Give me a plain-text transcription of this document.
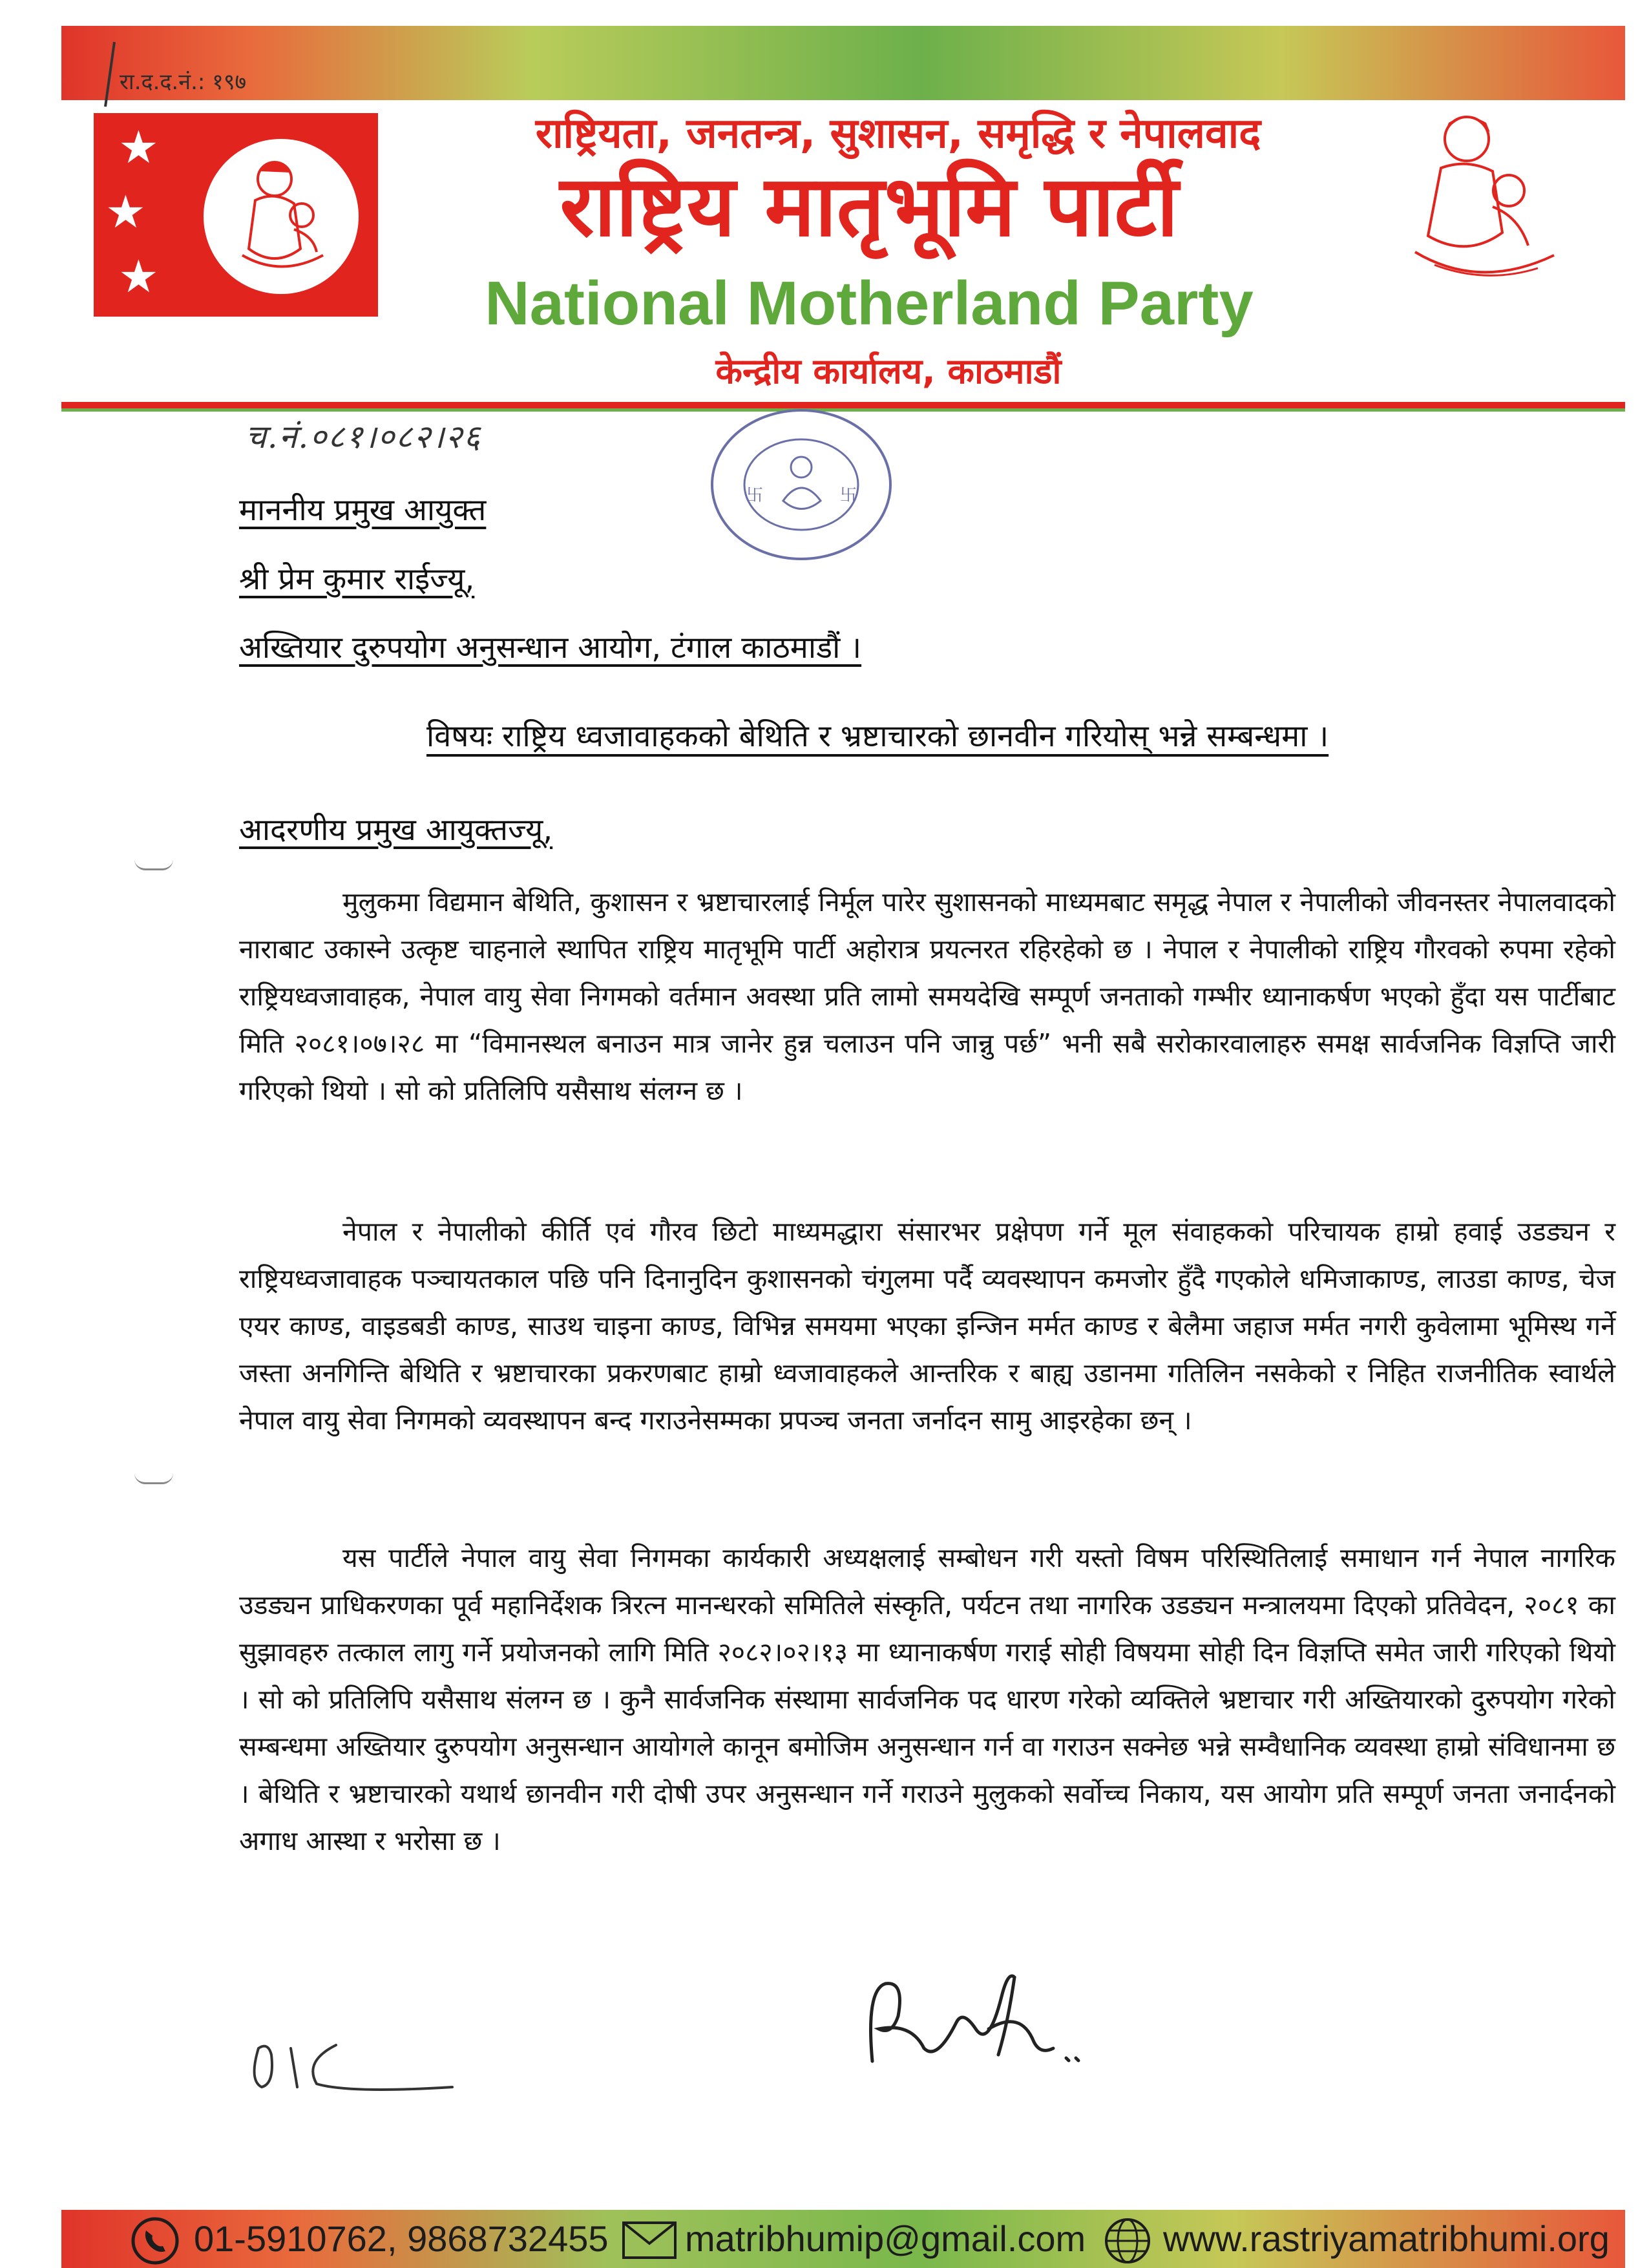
रा.द.द.नं.: १९७
★
★
★
राष्ट्रियता, जनतन्त्र, सुशासन, समृद्धि र नेपालवाद
राष्ट्रिय मातृभूमि पार्टी
National Motherland Party
केन्द्रीय कार्यालय, काठमाडौं
च.नं.०८१।०८२।२६
卐	卐
माननीय प्रमुख आयुक्त
श्री प्रेम कुमार राईज्यू,
अख्तियार दुरुपयोग अनुसन्धान आयोग, टंगाल काठमाडौं ।
विषयः राष्ट्रिय ध्वजावाहकको बेथिति र भ्रष्टाचारको छानवीन गरियोस् भन्ने सम्बन्धमा ।
आदरणीय प्रमुख आयुक्तज्यू,
मुलुकमा विद्यमान बेथिति, कुशासन र भ्रष्टाचारलाई निर्मूल पारेर सुशासनको माध्यमबाट समृद्ध नेपाल र नेपालीको जीवनस्तर नेपालवादको नाराबाट उकास्ने उत्कृष्ट चाहनाले स्थापित राष्ट्रिय मातृभूमि पार्टी अहोरात्र प्रयत्नरत रहिरहेको छ । नेपाल र नेपालीको राष्ट्रिय गौरवको रुपमा रहेको राष्ट्रियध्वजावाहक, नेपाल वायु सेवा निगमको वर्तमान अवस्था प्रति लामो समयदेखि सम्पूर्ण जनताको गम्भीर ध्यानाकर्षण भएको हुँदा यस पार्टीबाट मिति २०८१।०७।२८ मा “विमानस्थल बनाउन मात्र जानेर हुन्न चलाउन पनि जान्नु पर्छ” भनी सबै सरोकारवालाहरु समक्ष सार्वजनिक विज्ञप्ति जारी गरिएको थियो । सो को प्रतिलिपि यसैसाथ संलग्न छ ।
नेपाल र नेपालीको कीर्ति एवं गौरव छिटो माध्यमद्धारा संसारभर प्रक्षेपण गर्ने मूल संवाहकको परिचायक हाम्रो हवाई उडड्यन र राष्ट्रियध्वजावाहक पञ्चायतकाल पछि पनि दिनानुदिन कुशासनको चंगुलमा पर्दै व्यवस्थापन कमजोर हुँदै गएकोले धमिजाकाण्ड, लाउडा काण्ड, चेज एयर काण्ड, वाइडबडी काण्ड, साउथ चाइना काण्ड, विभिन्न समयमा भएका इन्जिन मर्मत काण्ड र बेलैमा जहाज मर्मत नगरी कुवेलामा भूमिस्थ गर्ने जस्ता अनगिन्ति बेथिति र भ्रष्टाचारका प्रकरणबाट हाम्रो ध्वजावाहकले आन्तरिक र बाह्य उडानमा गतिलिन नसकेको र निहित राजनीतिक स्वार्थले नेपाल वायु सेवा निगमको व्यवस्थापन बन्द गराउनेसम्मका प्रपञ्च जनता जर्नादन सामु आइरहेका छन् ।
यस पार्टीले नेपाल वायु सेवा निगमका कार्यकारी अध्यक्षलाई सम्बोधन गरी यस्तो विषम परिस्थितिलाई समाधान गर्न नेपाल नागरिक उडड्यन प्राधिकरणका पूर्व महानिर्देशक त्रिरत्न मानन्धरको समितिले संस्कृति, पर्यटन तथा नागरिक उडड्यन मन्त्रालयमा दिएको प्रतिवेदन, २०८१ का सुझावहरु तत्काल लागु गर्ने प्रयोजनको लागि मिति २०८२।०२।१३ मा ध्यानाकर्षण गराई सोही विषयमा सोही दिन विज्ञप्ति समेत जारी गरिएको थियो । सो को प्रतिलिपि यसैसाथ संलग्न छ । कुनै सार्वजनिक संस्थामा सार्वजनिक पद धारण गरेको व्यक्तिले भ्रष्टाचार गरी अख्तियारको दुरुपयोग गरेको सम्बन्धमा अख्तियार दुरुपयोग अनुसन्धान आयोगले कानून बमोजिम अनुसन्धान गर्न वा गराउन सक्नेछ भन्ने सम्वैधानिक व्यवस्था हाम्रो संविधानमा छ । बेथिति र भ्रष्टाचारको यथार्थ छानवीन गरी दोषी उपर अनुसन्धान गर्ने गराउने मुलुकको सर्वोच्च निकाय, यस आयोग प्रति सम्पूर्ण जनता जनार्दनको अगाध आस्था र भरोसा छ ।
01-5910762, 9868732455 matribhumip@gmail.com www.rastriyamatribhumi.org
